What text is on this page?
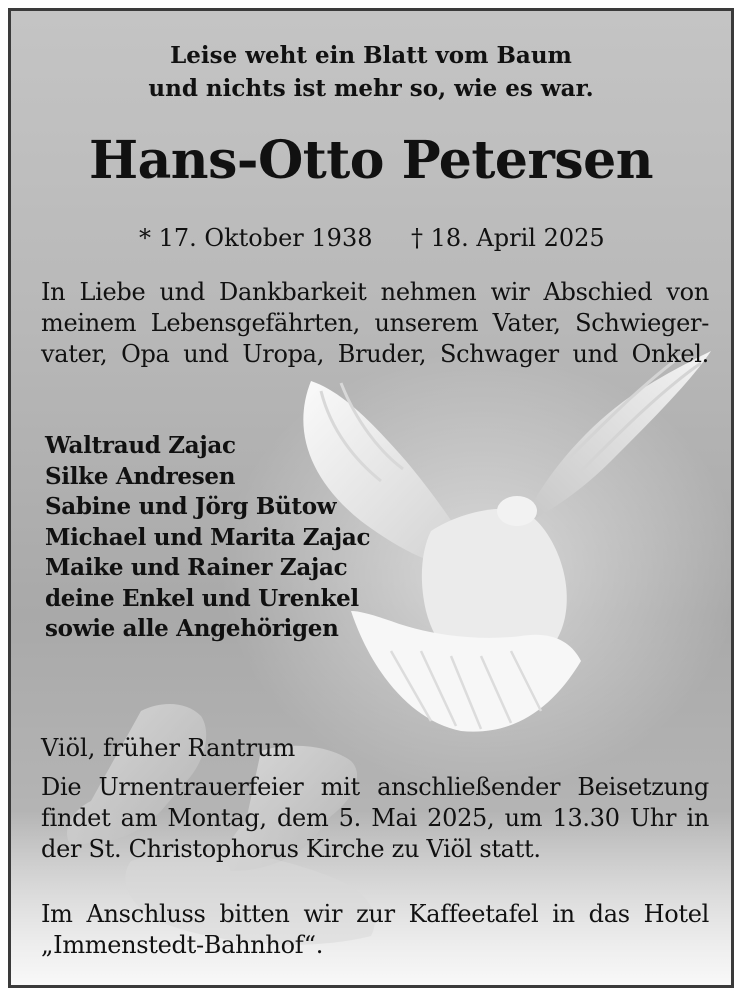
Leise weht ein Blatt vom Baum
und nichts ist mehr so, wie es war.
Hans-Otto Petersen
* 17. Oktober 1938 † 18. April 2025
In Liebe und Dankbarkeit nehmen wir Abschied von
meinem Lebensgefährten, unserem Vater, Schwieger-
vater, Opa und Uropa, Bruder, Schwager und Onkel.
Waltraud Zajac
Silke Andresen
Sabine und Jörg Bütow
Michael und Marita Zajac
Maike und Rainer Zajac
deine Enkel und Urenkel
sowie alle Angehörigen
Viöl, früher Rantrum
Die Urnentrauerfeier mit anschließender Beisetzung
findet am Montag, dem 5. Mai 2025, um 13.30 Uhr in
der St. Christophorus Kirche zu Viöl statt.
Im Anschluss bitten wir zur Kaffeetafel in das Hotel
„Immenstedt-Bahnhof“.
